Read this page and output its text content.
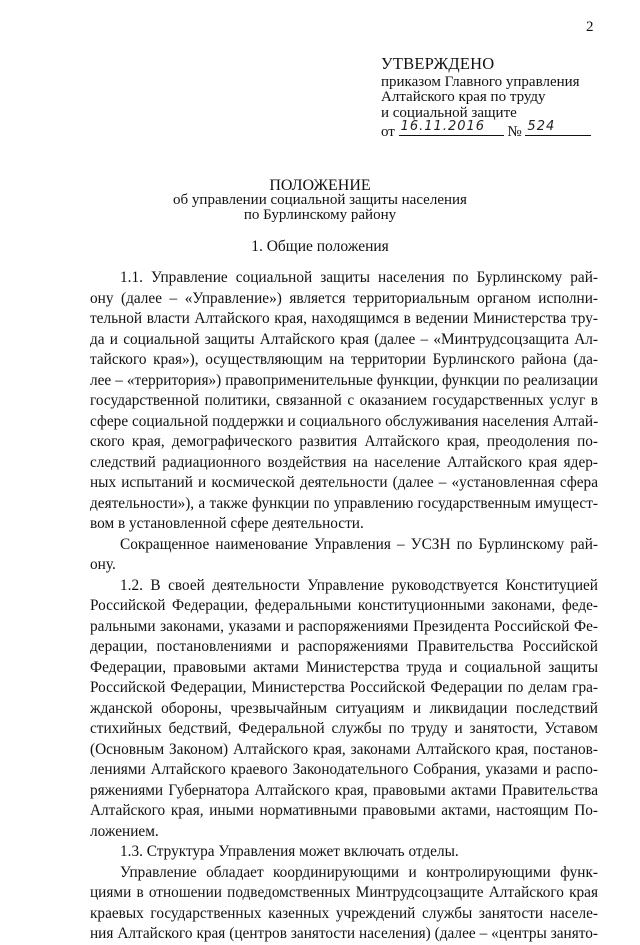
2
УТВЕРЖДЕНО
приказом Главного управления
Алтайского края по труду
и социальной защите
от 16.11.2016 № 524
ПОЛОЖЕНИЕ
об управлении социальной защиты населения
по Бурлинскому району
1. Общие положения
1.1. Управление социальной защиты населения по Бурлинскому рай-
ону (далее – «Управление») является территориальным органом исполни-
тельной власти Алтайского края, находящимся в ведении Министерства тру-
да и социальной защиты Алтайского края (далее – «Минтрудсоцзащита Ал-
тайского края»), осуществляющим на территории Бурлинского района (да-
лее – «территория») правоприменительные функции, функции по реализации
государственной политики, связанной с оказанием государственных услуг в
сфере социальной поддержки и социального обслуживания населения Алтай-
ского края, демографического развития Алтайского края, преодоления по-
следствий радиационного воздействия на население Алтайского края ядер-
ных испытаний и космической деятельности (далее – «установленная сфера
деятельности»), а также функции по управлению государственным имущест-
вом в установленной сфере деятельности.
Сокращенное наименование Управления – УСЗН по Бурлинскому рай-
ону.
1.2. В своей деятельности Управление руководствуется Конституцией
Российской Федерации, федеральными конституционными законами, феде-
ральными законами, указами и распоряжениями Президента Российской Фе-
дерации, постановлениями и распоряжениями Правительства Российской
Федерации, правовыми актами Министерства труда и социальной защиты
Российской Федерации, Министерства Российской Федерации по делам гра-
жданской обороны, чрезвычайным ситуациям и ликвидации последствий
стихийных бедствий, Федеральной службы по труду и занятости, Уставом
(Основным Законом) Алтайского края, законами Алтайского края, постанов-
лениями Алтайского краевого Законодательного Собрания, указами и распо-
ряжениями Губернатора Алтайского края, правовыми актами Правительства
Алтайского края, иными нормативными правовыми актами, настоящим По-
ложением.
1.3. Структура Управления может включать отделы.
Управление обладает координирующими и контролирующими функ-
циями в отношении подведомственных Минтрудсоцзащите Алтайского края
краевых государственных казенных учреждений службы занятости населе-
ния Алтайского края (центров занятости населения) (далее – «центры занято-
